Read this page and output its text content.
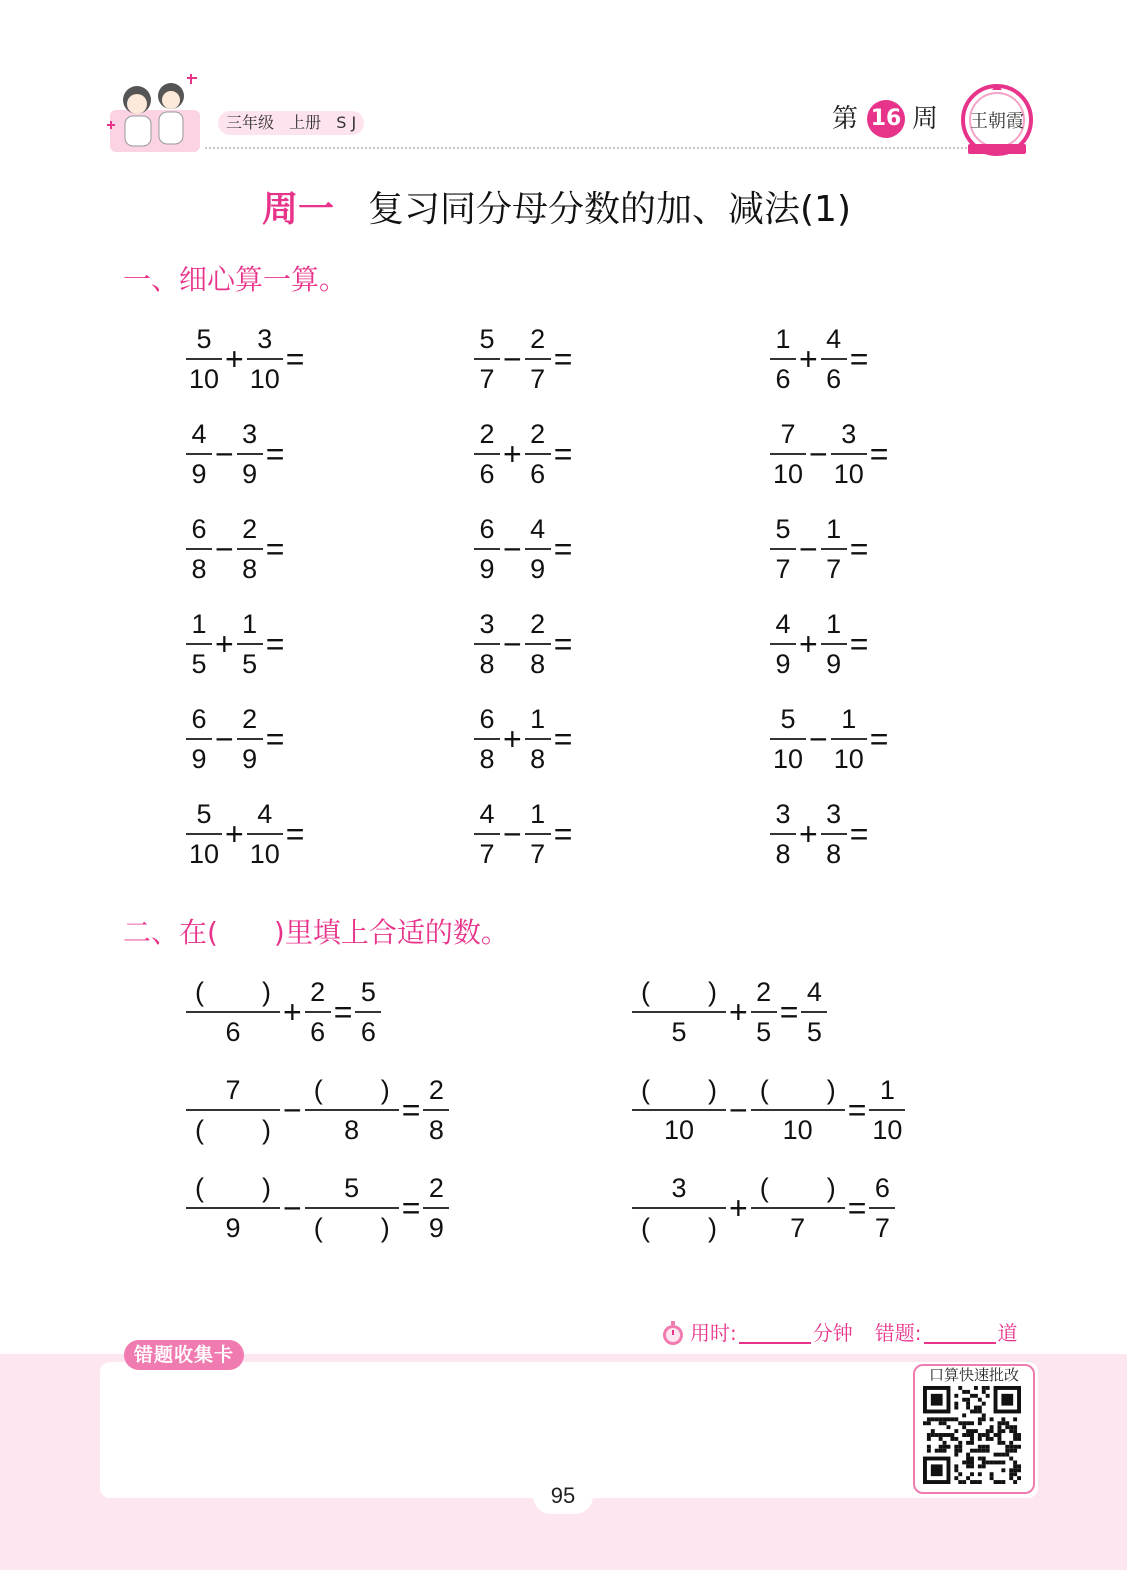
三年级 上册 S J	第 16 周 王朝霞
周一 复习同分母分数的加、减法(1)
一、细心算一算。
$\frac{5}{10} + \frac{3}{10}$ =	$\frac{5}{7} - \frac{2}{7}$ =	$\frac{1}{6} + \frac{4}{6}$ =
$\frac{4}{9} - \frac{3}{9}$ =	$\frac{2}{6} + \frac{2}{6}$ =	$\frac{7}{10} - \frac{3}{10}$ =
$\frac{6}{8} - \frac{2}{8}$ =	$\frac{6}{9} - \frac{4}{9}$ =	$\frac{5}{7} - \frac{1}{7}$ =
$\frac{1}{5} + \frac{1}{5}$ =	$\frac{3}{8} - \frac{2}{8}$ =	$\frac{4}{9} + \frac{1}{9}$ =
$\frac{6}{9} - \frac{2}{9}$ =	$\frac{6}{8} + \frac{1}{8}$ =	$\frac{5}{10} - \frac{1}{10}$ =
$\frac{5}{10} + \frac{4}{10}$ =	$\frac{4}{7} - \frac{1}{7}$ =	$\frac{3}{8} + \frac{3}{8}$ =
二、在(　　)里填上合适的数。
$\frac{( )}{6} + \frac{2}{6} = \frac{5}{6}$	$\frac{( )}{5} + \frac{2}{5} = \frac{4}{5}$
$\frac{7}{( )} - \frac{( )}{8} = \frac{2}{8}$	$\frac{( )}{10} - \frac{( )}{10} = \frac{1}{10}$
$\frac{( )}{9} - \frac{5}{( )} = \frac{2}{9}$	$\frac{3}{( )} + \frac{( )}{7} = \frac{6}{7}$
用时:	分钟 错题:	道
错题收集卡
口算快速批改
95
